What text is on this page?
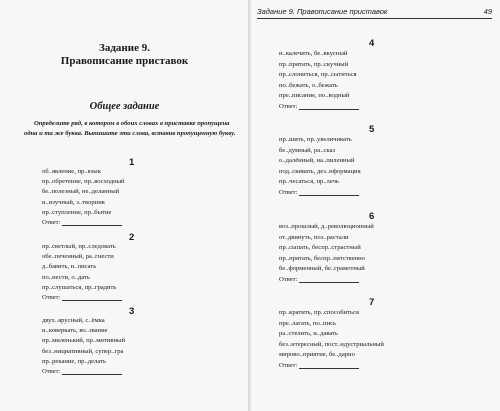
Задание 9.
Правописание приставок
Общее задание
Определите ряд, в котором в обоих словах в приставке пропущена одна и та же буква. Выпишите эти слова, вставив пропущенную букву.
1
об..явление, пр..язык
пр..обретение, пр..восходный
бе..полезный, не..деланный
н..изучный, з..творник
пр..ступление, пр..бытие
Ответ:
2
пр..светлый, пр..следовать
обе..печенный, ра..гнести
д..бавить, н..писать
по..нести, о..дать
пр..слушаться, пр..градить
Ответ:
3
двух..ярусный, с..ёмка
н..коверкать, во..звание
пр..миленький, пр..митивный
без..нициативный, супер..гра
пр..рекание, пр..делать
Ответ:
Задание 9. Правописание приставок	49
4
н..калечить, бе..вкусный
пр..прятать, пр..скучный
пр..слониться, пр..сытиться
по..бежать, о..бежать
пре..писание, по..водный
Ответ:
5
пр..шить, пр..увеличивать
бе..думный, ра..сказ
о..далённый, на..пиленный
под..скивать, дез..нформация
пр..чесаться, пр..лечь
Ответ:
6
воз..прошлый, д..революционный
от..двинуть, поз..растали
пр..сыпать, беспр..страстный
пр..прятать, беспр..пятственно
бе..форменный, бе..грамотный
Ответ:
7
пр..кратить, пр..способиться
пре..лагать, по..пись
ра..стелить, и..давать
без..нтересный, пост..ндустриальный
мирово..приятие, бе..дарно
Ответ:
